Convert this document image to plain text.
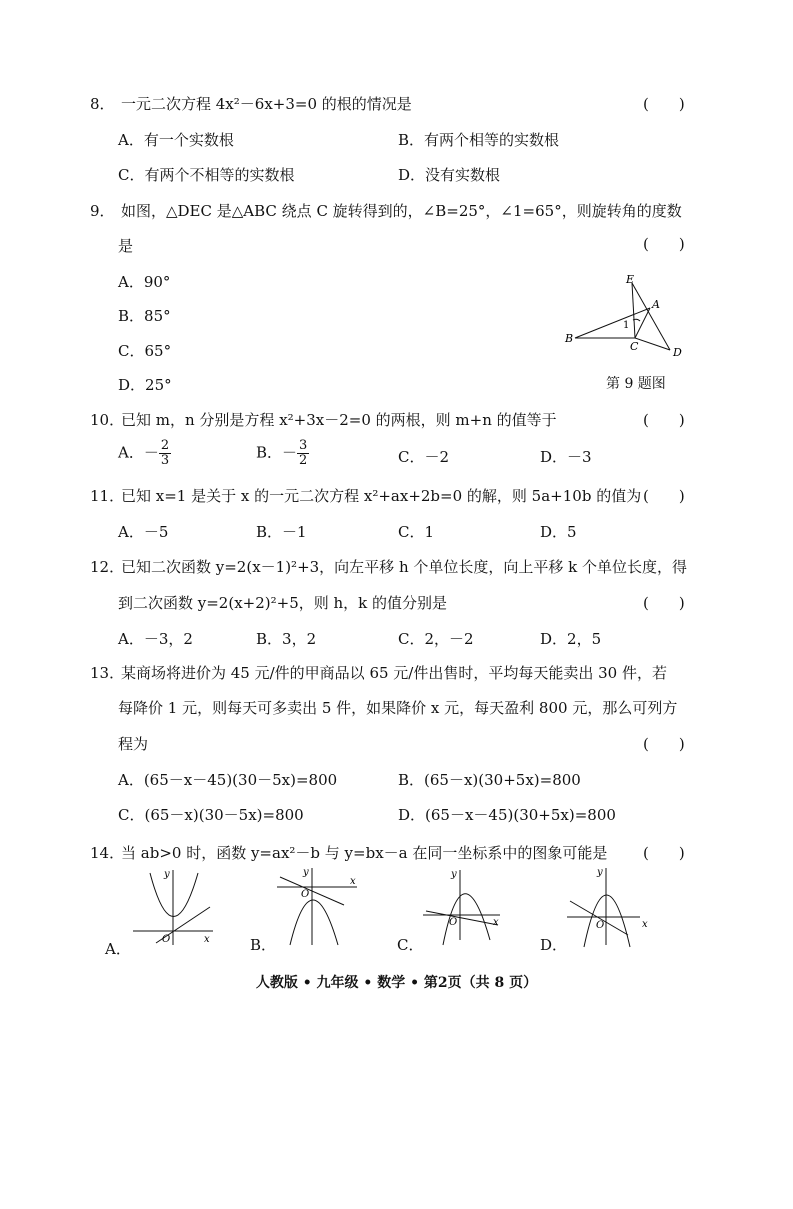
8． 一元二次方程 4x²－6x+3=0 的根的情况是	(　　)
A．有一个实数根	B．有两个相等的实数根
C．有两个不相等的实数根	D．没有实数根
9． 如图，△DEC 是△ABC 绕点 C 旋转得到的，∠B=25°，∠1=65°，则旋转角的度数
是	(　　)
A．90°
B．85°
C．65°
D．25°
E
A
1
B
C	D
第 9 题图
10．
已知 m，n 分别是方程 x²+3x－2=0 的两根，则 m+n 的值等于	(　　)
A．－ $\frac{2}{3}$	B．－ $\frac{3}{2}$	C．－2	D．－3
11．
已知 x=1 是关于 x 的一元二次方程 x²+ax+2b=0 的解，则 5a+10b 的值为 (　　)
A．－5	B．－1	C．1	D．5
12．
已知二次函数 y=2(x－1)²+3，向左平移 h 个单位长度，向上平移 k 个单位长度，得
到二次函数 y=2(x+2)²+5，则 h，k 的值分别是	(　　)
A．－3，2	B．3，2	C．2，－2	D．2，5
13．
某商场将进价为 45 元/件的甲商品以 65 元/件出售时，平均每天能卖出 30 件，若
每降价 1 元，则每天可多卖出 5 件，如果降价 x 元，每天盈利 800 元，那么可列方
程为	(　　)
A．(65－x－45)(30－5x)=800	B．(65－x)(30+5x)=800
C．(65－x)(30－5x)=800	D．(65－x－45)(30+5x)=800
14．
当 ab>0 时，函数 y=ax²－b 与 y=bx－a 在同一坐标系中的图象可能是 (　　)
A．
y
x
O	B．
y
x
O
C．
y
x
O
D．
y
x
O
人教版 • 九年级 • 数学 • 第2页（共 8 页）
